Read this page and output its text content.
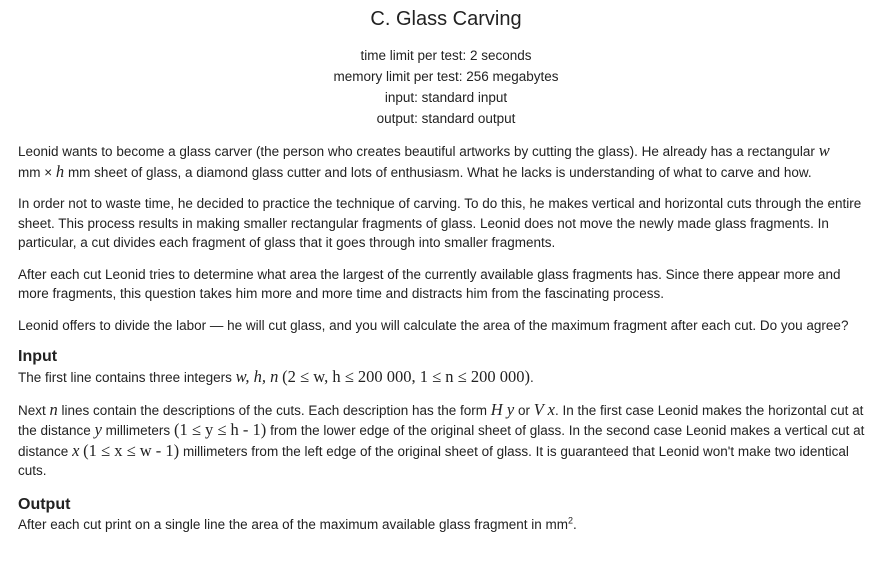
C. Glass Carving
time limit per test: 2 seconds
memory limit per test: 256 megabytes
input: standard input
output: standard output

Leonid wants to become a glass carver (the person who creates beautiful artworks by cutting the glass). He already has a rectangular w
mm × h mm sheet of glass, a diamond glass cutter and lots of enthusiasm. What he lacks is understanding of what to carve and how.

In order not to waste time, he decided to practice the technique of carving. To do this, he makes vertical and horizontal cuts through the entire sheet. This process results in making smaller rectangular fragments of glass. Leonid does not move the newly made glass fragments. In particular, a cut divides each fragment of glass that it goes through into smaller fragments.

After each cut Leonid tries to determine what area the largest of the currently available glass fragments has. Since there appear more and more fragments, this question takes him more and more time and distracts him from the fascinating process.

Leonid offers to divide the labor — he will cut glass, and you will calculate the area of the maximum fragment after each cut. Do you agree?

Input

The first line contains three integers w, h, n (2 ≤ w, h ≤ 200 000, 1 ≤ n ≤ 200 000).

Next n lines contain the descriptions of the cuts. Each description has the form H y or V x. In the first case Leonid makes the horizontal cut at the distance y millimeters (1 ≤ y ≤ h - 1) from the lower edge of the original sheet of glass. In the second case Leonid makes a vertical cut at distance x (1 ≤ x ≤ w - 1) millimeters from the left edge of the original sheet of glass. It is guaranteed that Leonid won't make two identical cuts.

Output

After each cut print on a single line the area of the maximum available glass fragment in $mm^2$.
